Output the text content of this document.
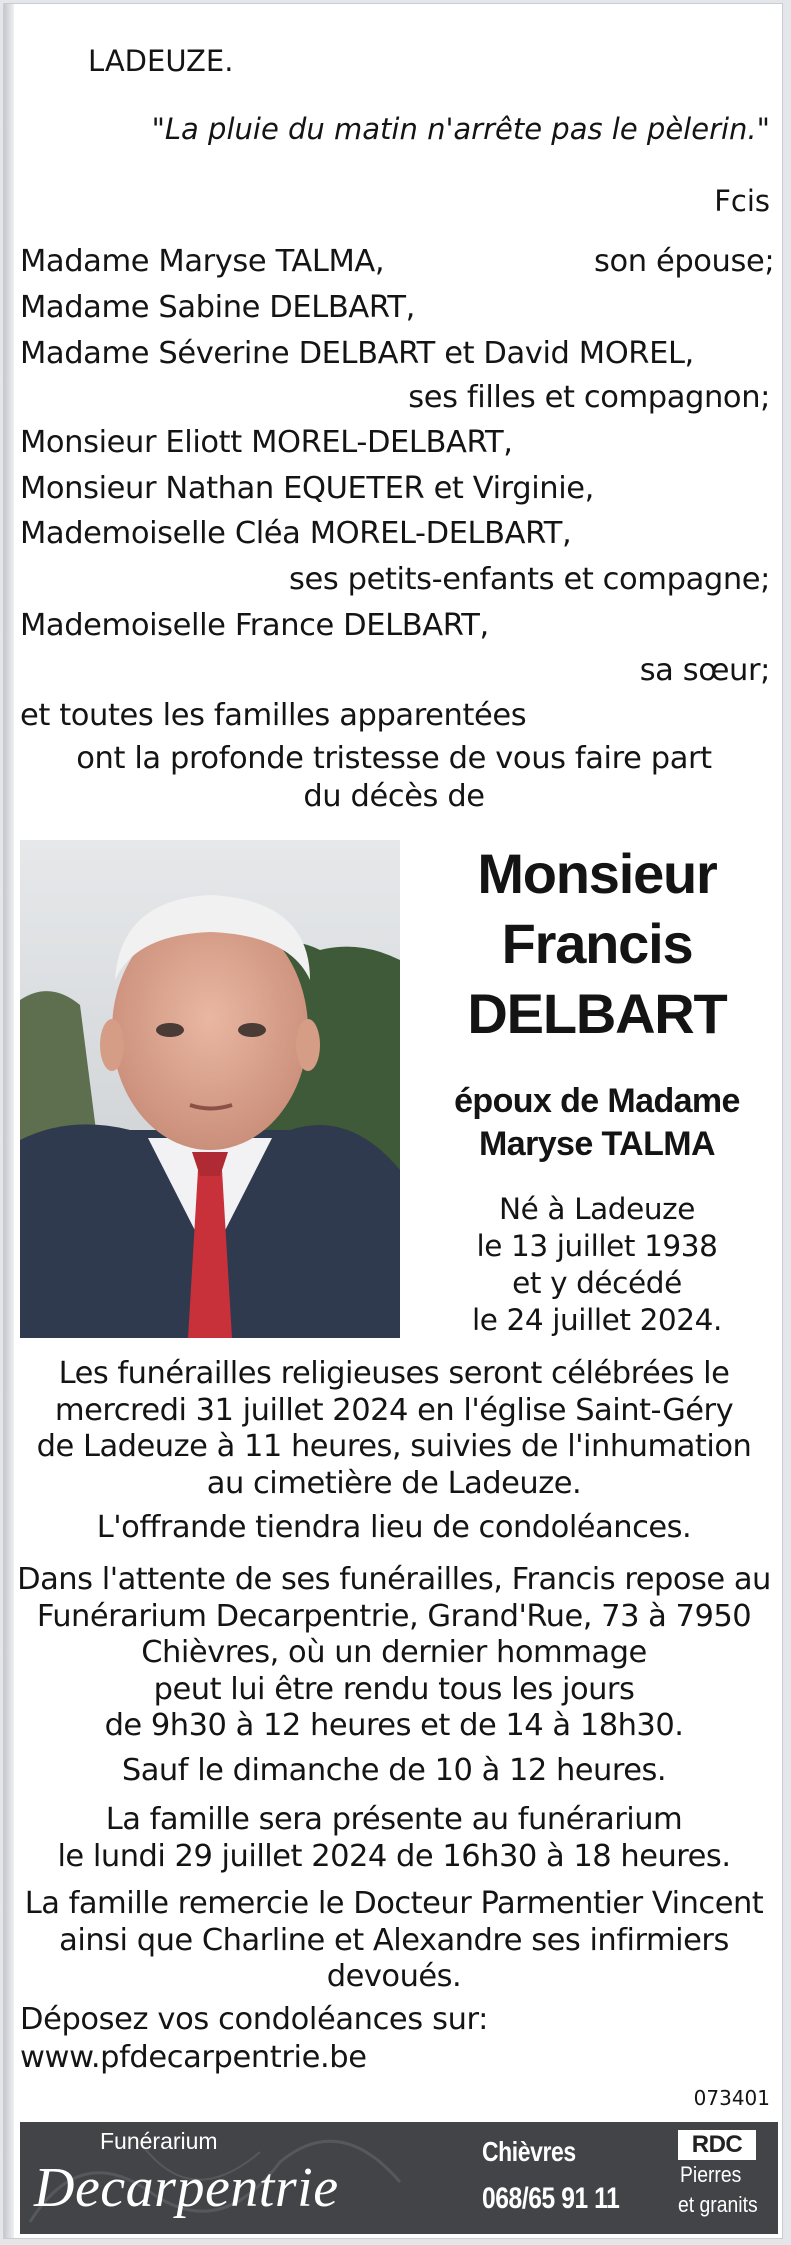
LADEUZE.
"La pluie du matin n'arrête pas le pèlerin."
Fcis
Madame Maryse TALMA,	son épouse;
Madame Sabine DELBART,
Madame Séverine DELBART et David MOREL,
ses filles et compagnon;
Monsieur Eliott MOREL-DELBART,
Monsieur Nathan EQUETER et Virginie,
Mademoiselle Cléa MOREL-DELBART,
ses petits-enfants et compagne;
Mademoiselle France DELBART,
sa sœur;
et toutes les familles apparentées
ont la profonde tristesse de vous faire part
du décès de
Monsieur
Francis
DELBART
époux de Madame
Maryse TALMA
Né à Ladeuze
le 13 juillet 1938
et y décédé
le 24 juillet 2024.
Les funérailles religieuses seront célébrées le
mercredi 31 juillet 2024 en l'église Saint-Géry
de Ladeuze à 11 heures, suivies de l'inhumation
au cimetière de Ladeuze.
L'offrande tiendra lieu de condoléances.
Dans l'attente de ses funérailles, Francis repose au
Funérarium Decarpentrie, Grand'Rue, 73 à 7950
Chièvres, où un dernier hommage
peut lui être rendu tous les jours
de 9h30 à 12 heures et de 14 à 18h30.
Sauf le dimanche de 10 à 12 heures.
La famille sera présente au funérarium
le lundi 29 juillet 2024 de 16h30 à 18 heures.
La famille remercie le Docteur Parmentier Vincent
ainsi que Charline et Alexandre ses infirmiers
devoués.
Déposez vos condoléances sur:
www.pfdecarpentrie.be
073401
Funérarium
Decarpentrie
Chièvres
068/65 91 11
RDC
Pierres
et granits
